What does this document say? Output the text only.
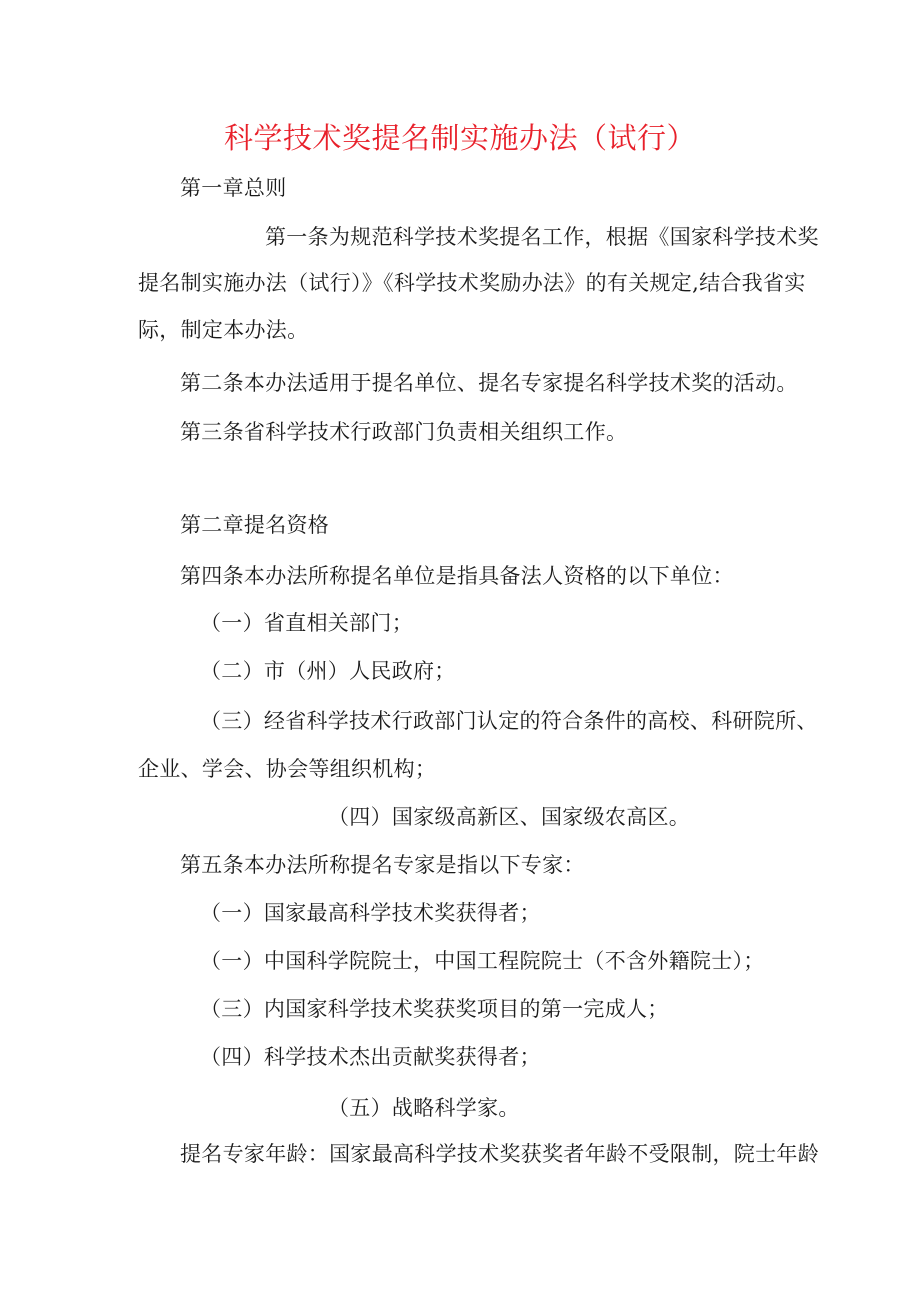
科学技术奖提名制实施办法（试行）
第一章总则
第一条为规范科学技术奖提名工作，根据《国家科学技术奖
提名制实施办法（试行）》《科学技术奖励办法》的有关规定,结合我省实
际，制定本办法。
第二条本办法适用于提名单位、提名专家提名科学技术奖的活动。
第三条省科学技术行政部门负责相关组织工作。
第二章提名资格
第四条本办法所称提名单位是指具备法人资格的以下单位：
（一）省直相关部门；
（二）市（州）人民政府；
（三）经省科学技术行政部门认定的符合条件的高校、科研院所、
企业、学会、协会等组织机构；
（四）国家级高新区、国家级农高区。
第五条本办法所称提名专家是指以下专家：
（一）国家最高科学技术奖获得者；
（一）中国科学院院士，中国工程院院士（不含外籍院士）；
（三）内国家科学技术奖获奖项目的第一完成人；
（四）科学技术杰出贡献奖获得者；
（五）战略科学家。
提名专家年龄：国家最高科学技术奖获奖者年龄不受限制，院士年龄
